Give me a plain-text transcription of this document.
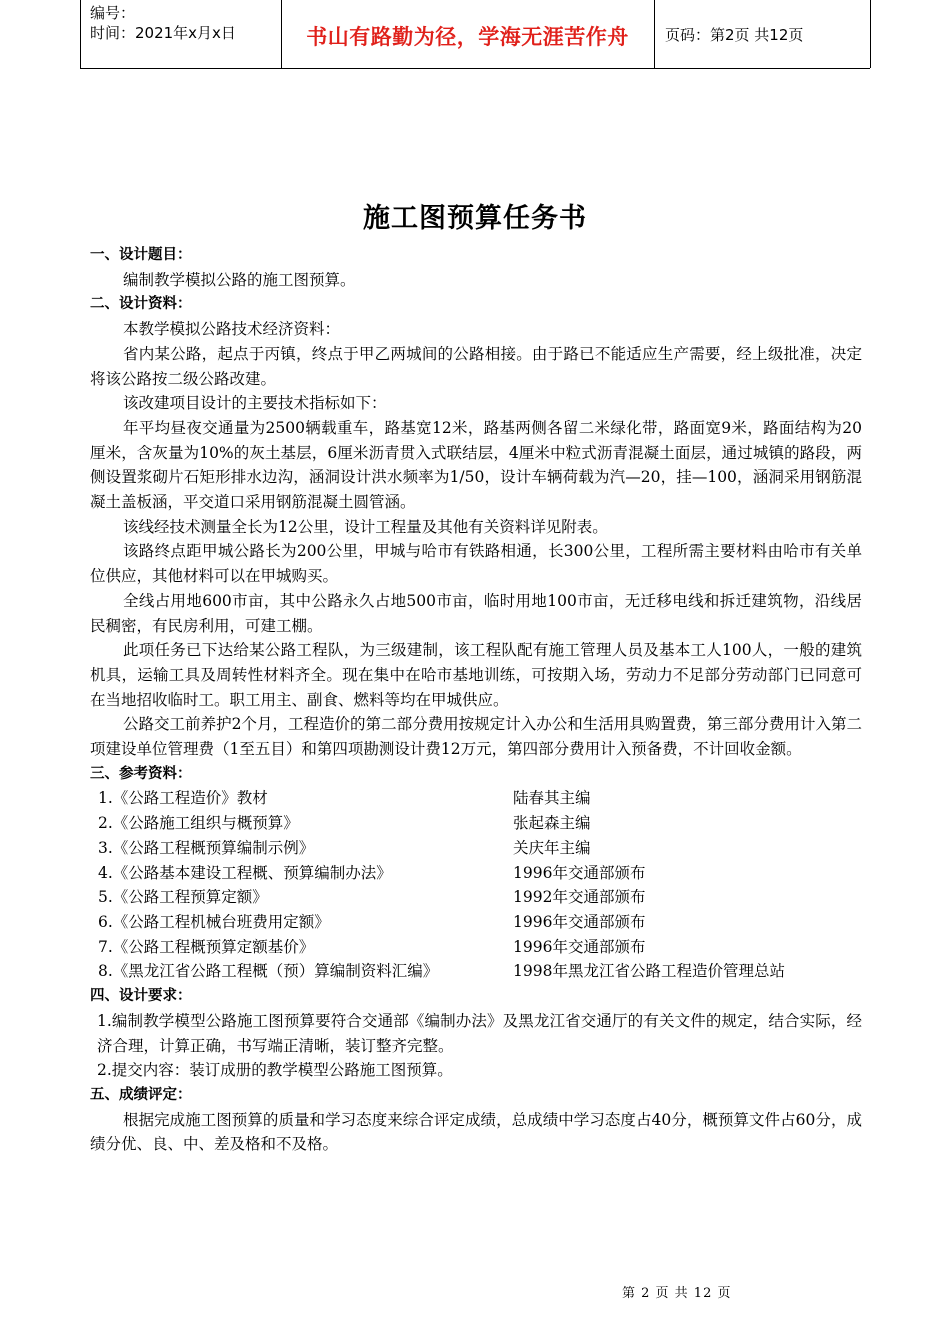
编号：
时间：2021年x月x日	书山有路勤为径，学海无涯苦作舟	页码：第2页 共12页
施工图预算任务书

一、设计题目：

编制教学模拟公路的施工图预算。

二、设计资料：

本教学模拟公路技术经济资料：

省内某公路，起点于丙镇，终点于甲乙两城间的公路相接。由于路已不能适应生产需要，经上级批准，决定将该公路按二级公路改建。

该改建项目设计的主要技术指标如下：

年平均昼夜交通量为2500辆载重车，路基宽12米，路基两侧各留二米绿化带，路面宽9米，路面结构为20厘米，含灰量为10%的灰土基层，6厘米沥青贯入式联结层，4厘米中粒式沥青混凝土面层，通过城镇的路段，两侧设置浆砌片石矩形排水边沟，涵洞设计洪水频率为1/50，设计车辆荷载为汽—20，挂—100，涵洞采用钢筋混凝土盖板涵，平交道口采用钢筋混凝土圆管涵。

该线经技术测量全长为12公里，设计工程量及其他有关资料详见附表。

该路终点距甲城公路长为200公里，甲城与哈市有铁路相通，长300公里，工程所需主要材料由哈市有关单位供应，其他材料可以在甲城购买。

全线占用地600市亩，其中公路永久占地500市亩，临时用地100市亩，无迁移电线和拆迁建筑物，沿线居民稠密，有民房利用，可建工棚。

此项任务已下达给某公路工程队，为三级建制，该工程队配有施工管理人员及基本工人100人，一般的建筑机具，运输工具及周转性材料齐全。现在集中在哈市基地训练，可按期入场，劳动力不足部分劳动部门已同意可在当地招收临时工。职工用主、副食、燃料等均在甲城供应。

公路交工前养护2个月，工程造价的第二部分费用按规定计入办公和生活用具购置费，第三部分费用计入第二项建设单位管理费（1至五目）和第四项勘测设计费12万元，第四部分费用计入预备费，不计回收金额。

三、参考资料：

1.《公路工程造价》教材	陆春其主编
2.《公路施工组织与概预算》	张起森主编
3.《公路工程概预算编制示例》	关庆年主编
4.《公路基本建设工程概、预算编制办法》	1996年交通部颁布
5.《公路工程预算定额》	1992年交通部颁布
6.《公路工程机械台班费用定额》	1996年交通部颁布
7.《公路工程概预算定额基价》	1996年交通部颁布
8.《黑龙江省公路工程概（预）算编制资料汇编》	1998年黑龙江省公路工程造价管理总站

四、设计要求：

1.编制教学模型公路施工图预算要符合交通部《编制办法》及黑龙江省交通厅的有关文件的规定，结合实际，经济合理，计算正确，书写端正清晰，装订整齐完整。

2.提交内容：装订成册的教学模型公路施工图预算。

五、成绩评定：

根据完成施工图预算的质量和学习态度来综合评定成绩，总成绩中学习态度占40分，概预算文件占60分，成绩分优、良、中、差及格和不及格。

第 2 页 共 12 页
